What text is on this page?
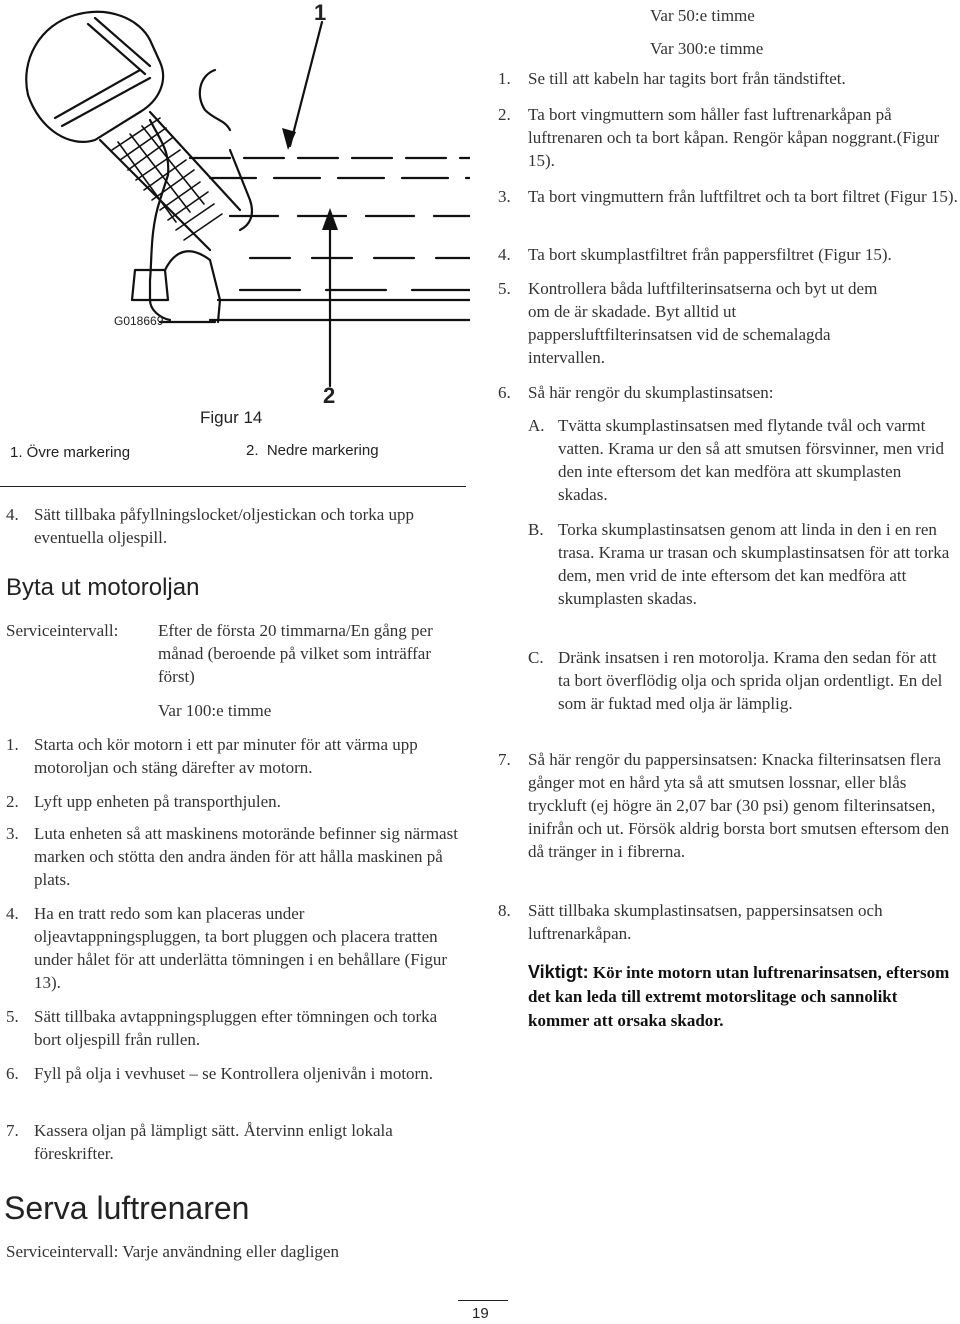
1
2
G018669
Figur 14
1. Övre markering	2.  Nedre markering
4. Sätt tillbaka påfyllningslocket/oljestickan och torka upp eventuella oljespill.
Byta ut motoroljan
Serviceintervall: Efter de första 20 timmarna/En gång per månad (beroende på vilket som inträffar först)
Var 100:e timme
1. Starta och kör motorn i ett par minuter för att värma upp motoroljan och stäng därefter av motorn.
2. Lyft upp enheten på transporthjulen.
3. Luta enheten så att maskinens motorände befinner sig närmast marken och stötta den andra änden för att hålla maskinen på plats.
4. Ha en tratt redo som kan placeras under oljeavtappningspluggen, ta bort pluggen och placera tratten under hålet för att underlätta tömningen i en behållare (Figur 13).
5. Sätt tillbaka avtappningspluggen efter tömningen och torka bort oljespill från rullen.
6. Fyll på olja i vevhuset – se Kontrollera oljenivån i motorn.
7. Kassera oljan på lämpligt sätt. Återvinn enligt lokala föreskrifter.
Serva luftrenaren
Serviceintervall: Varje användning eller dagligen
Var 50:e timme
Var 300:e timme
1. Se till att kabeln har tagits bort från tändstiftet.
2. Ta bort vingmuttern som håller fast luftrenarkåpan på luftrenaren och ta bort kåpan. Rengör kåpan noggrant.(Figur 15).
3. Ta bort vingmuttern från luftfiltret och ta bort filtret (Figur 15).
4. Ta bort skumplastfiltret från pappersfiltret (Figur 15).
5. Kontrollera båda luftfilterinsatserna och byt ut dem om de är skadade. Byt alltid ut pappersluftfilterinsatsen vid de schemalagda intervallen.
6. Så här rengör du skumplastinsatsen:
A. Tvätta skumplastinsatsen med flytande tvål och varmt vatten. Krama ur den så att smutsen försvinner, men vrid den inte eftersom det kan medföra att skumplasten skadas.
B. Torka skumplastinsatsen genom att linda in den i en ren trasa. Krama ur trasan och skumplastinsatsen för att torka dem, men vrid de inte eftersom det kan medföra att skumplasten skadas.
C. Dränk insatsen i ren motorolja. Krama den sedan för att ta bort överflödig olja och sprida oljan ordentligt. En del som är fuktad med olja är lämplig.
7. Så här rengör du pappersinsatsen: Knacka filterinsatsen flera gånger mot en hård yta så att smutsen lossnar, eller blås tryckluft (ej högre än 2,07 bar (30 psi) genom filterinsatsen, inifrån och ut. Försök aldrig borsta bort smutsen eftersom den då tränger in i fibrerna.
8. Sätt tillbaka skumplastinsatsen, pappersinsatsen och luftrenarkåpan.
Viktigt: Kör inte motorn utan luftrenarinsatsen, eftersom det kan leda till extremt motorslitage och sannolikt kommer att orsaka skador.
19
